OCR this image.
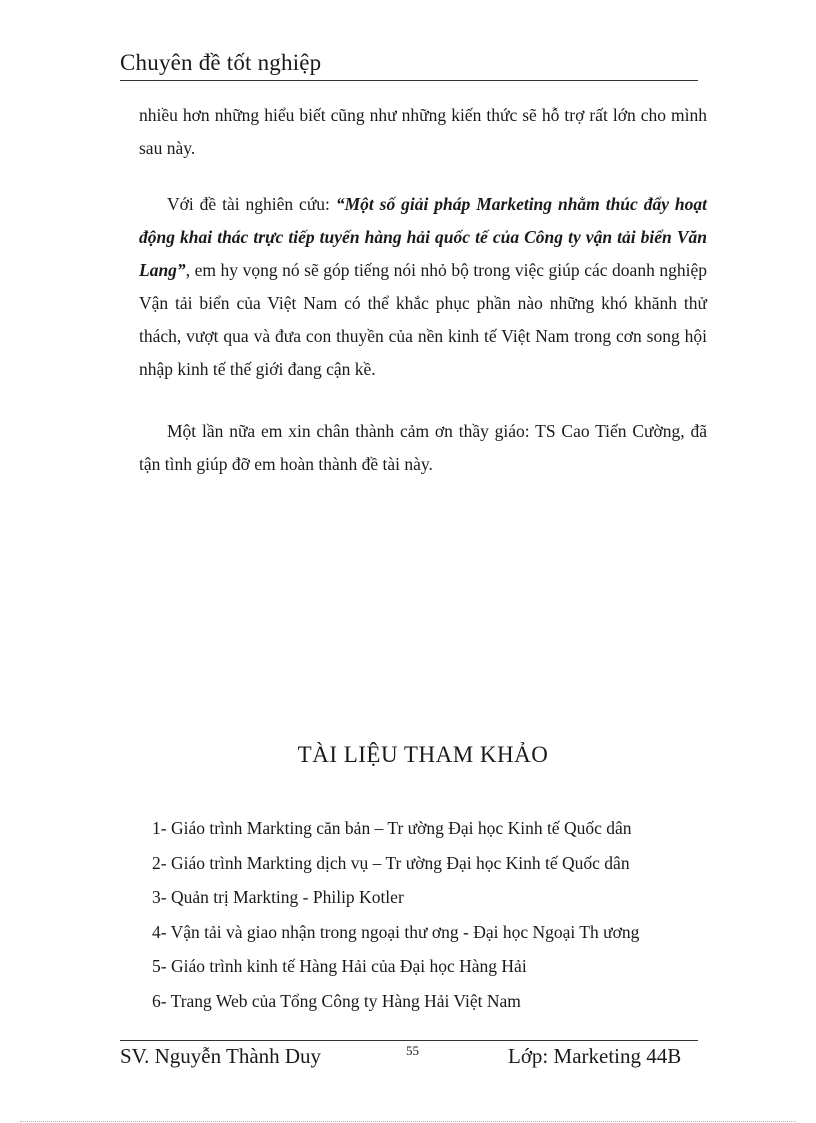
Chuyên đề tốt nghiệp
nhiều hơn những hiểu biết cũng như những kiến thức sẽ hỗ trợ rất lớn cho mình sau này.
Với đề tài nghiên cứu: “Một số giải pháp Marketing nhằm thúc đẩy hoạt động khai thác trực tiếp tuyến hàng hải quốc tế của Công ty vận tải biển Văn Lang”, em hy vọng nó sẽ góp tiếng nói nhỏ bộ trong việc giúp các doanh nghiệp Vận tải biển của Việt Nam có thể khắc phục phần nào những khó khănh thử thách, vượt qua và đưa con thuyền của nền kinh tế Việt Nam trong cơn song hội nhập kinh tế thế giới đang cận kề.
Một lần nữa em xin chân thành cảm ơn thầy giáo: TS Cao Tiến Cường, đã tận tình giúp đỡ em hoàn thành đề tài này.
TÀI LIỆU THAM KHẢO
1- Giáo trình Markting căn bản – Tr ường Đại học Kinh tế Quốc dân
2- Giáo trình Markting dịch vụ – Tr ường Đại học Kinh tế Quốc dân
3- Quản trị Markting - Philip Kotler
4- Vận tải và giao nhận trong ngoại thư ơng - Đại học Ngoại Th ương
5- Giáo trình kinh tế Hàng Hải của Đại học Hàng Hải
6- Trang Web của Tổng Công ty Hàng Hải Việt Nam
SV. Nguyễn Thành Duy	55	Lớp: Marketing 44B
